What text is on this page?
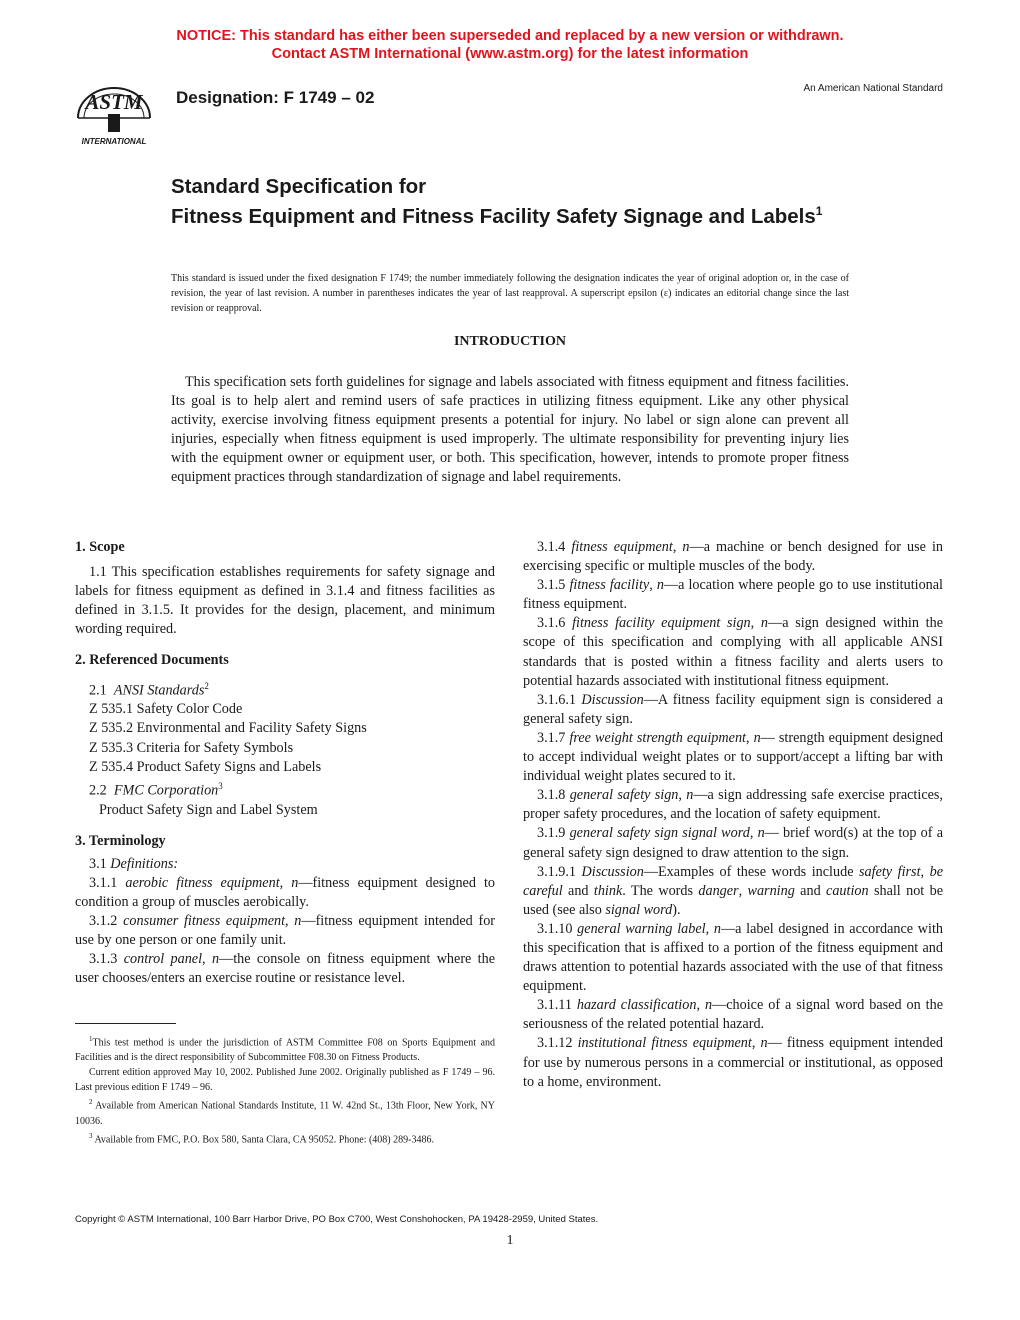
NOTICE: This standard has either been superseded and replaced by a new version or withdrawn.
Contact ASTM International (www.astm.org) for the latest information
ASTM
INTERNATIONAL
Designation: F 1749 – 02	An American National Standard
Standard Specification for
Fitness Equipment and Fitness Facility Safety Signage and Labels$^1$
This standard is issued under the fixed designation F 1749; the number immediately following the designation indicates the year of original adoption or, in the case of revision, the year of last revision. A number in parentheses indicates the year of last reapproval. A superscript epsilon (ε) indicates an editorial change since the last revision or reapproval.
INTRODUCTION

This specification sets forth guidelines for signage and labels associated with fitness equipment and fitness facilities. Its goal is to help alert and remind users of safe practices in utilizing fitness equipment. Like any other physical activity, exercise involving fitness equipment presents a potential for injury. No label or sign alone can prevent all injuries, especially when fitness equipment is used improperly. The ultimate responsibility for preventing injury lies with the equipment owner or equipment user, or both. This specification, however, intends to promote proper fitness equipment practices through standardization of signage and label requirements.

1. Scope

1.1 This specification establishes requirements for safety signage and labels for fitness equipment as defined in 3.1.4 and fitness facilities as defined in 3.1.5. It provides for the design, placement, and minimum wording required.

2. Referenced Documents

2.1 ANSI Standards$^2$

Z 535.1 Safety Color Code

Z 535.2 Environmental and Facility Safety Signs

Z 535.3 Criteria for Safety Symbols

Z 535.4 Product Safety Signs and Labels

2.2 FMC Corporation$^3$

Product Safety Sign and Label System

3. Terminology

3.1 Definitions:

3.1.1 aerobic fitness equipment, n—fitness equipment designed to condition a group of muscles aerobically.

3.1.2 consumer fitness equipment, n—fitness equipment intended for use by one person or one family unit.

3.1.3 control panel, n—the console on fitness equipment where the user chooses/enters an exercise routine or resistance level.

$^1$This test method is under the jurisdiction of ASTM Committee F08 on Sports Equipment and Facilities and is the direct responsibility of Subcommittee F08.30 on Fitness Products.

Current edition approved May 10, 2002. Published June 2002. Originally published as F 1749 – 96. Last previous edition F 1749 – 96.

$^2$ Available from American National Standards Institute, 11 W. 42nd St., 13th Floor, New York, NY 10036.

$^3$ Available from FMC, P.O. Box 580, Santa Clara, CA 95052. Phone: (408) 289-3486.

3.1.4 fitness equipment, n—a machine or bench designed for use in exercising specific or multiple muscles of the body.

3.1.5 fitness facility, n—a location where people go to use institutional fitness equipment.

3.1.6 fitness facility equipment sign, n—a sign designed within the scope of this specification and complying with all applicable ANSI standards that is posted within a fitness facility and alerts users to potential hazards associated with institutional fitness equipment.

3.1.6.1 Discussion—A fitness facility equipment sign is considered a general safety sign.

3.1.7 free weight strength equipment, n— strength equipment designed to accept individual weight plates or to support/accept a lifting bar with individual weight plates secured to it.

3.1.8 general safety sign, n—a sign addressing safe exercise practices, proper safety procedures, and the location of safety equipment.

3.1.9 general safety sign signal word, n— brief word(s) at the top of a general safety sign designed to draw attention to the sign.

3.1.9.1 Discussion—Examples of these words include safety first, be careful and think. The words danger, warning and caution shall not be used (see also signal word).

3.1.10 general warning label, n—a label designed in accordance with this specification that is affixed to a portion of the fitness equipment and draws attention to potential hazards associated with the use of that fitness equipment.

3.1.11 hazard classification, n—choice of a signal word based on the seriousness of the related potential hazard.

3.1.12 institutional fitness equipment, n— fitness equipment intended for use by numerous persons in a commercial or institutional, as opposed to a home, environment.

Copyright © ASTM International, 100 Barr Harbor Drive, PO Box C700, West Conshohocken, PA 19428-2959, United States.
1
